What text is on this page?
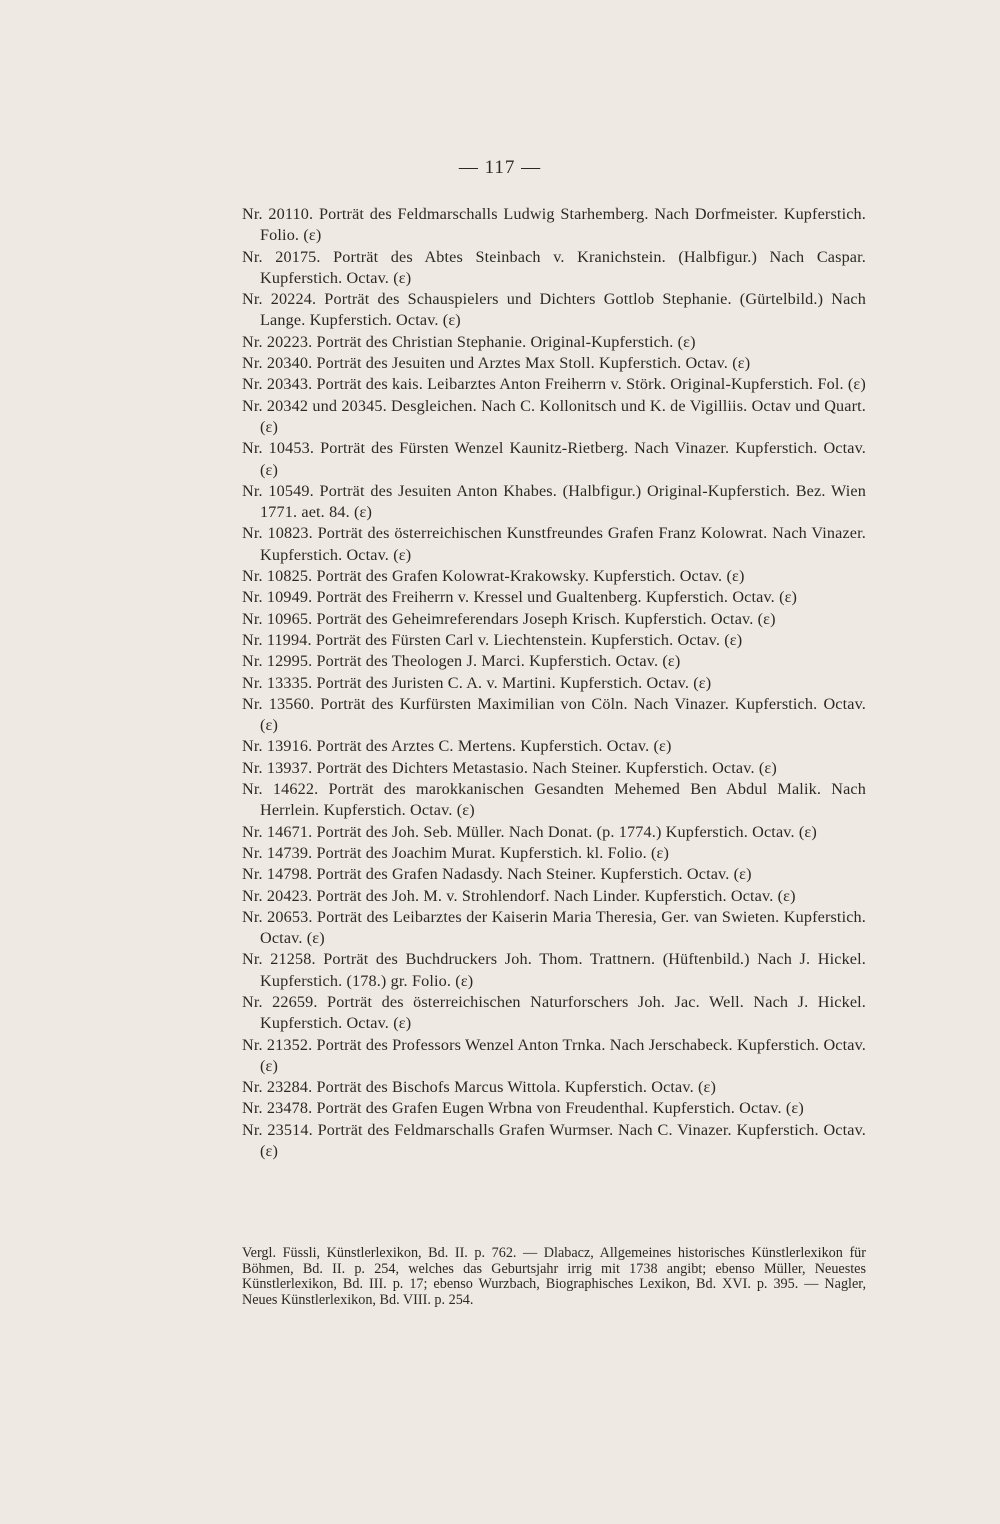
— 117 —
Nr. 20110. Porträt des Feldmarschalls Ludwig Starhemberg. Nach Dorfmeister. Kupferstich. Folio. (ε)
Nr. 20175. Porträt des Abtes Steinbach v. Kranichstein. (Halbfigur.) Nach Caspar. Kupferstich. Octav. (ε)
Nr. 20224. Porträt des Schauspielers und Dichters Gottlob Stephanie. (Gürtelbild.) Nach Lange. Kupferstich. Octav. (ε)
Nr. 20223. Porträt des Christian Stephanie. Original-Kupferstich. (ε)
Nr. 20340. Porträt des Jesuiten und Arztes Max Stoll. Kupferstich. Octav. (ε)
Nr. 20343. Porträt des kais. Leibarztes Anton Freiherrn v. Störk. Original-Kupferstich. Fol. (ε)
Nr. 20342 und 20345. Desgleichen. Nach C. Kollonitsch und K. de Vigilliis. Octav und Quart. (ε)
Nr. 10453. Porträt des Fürsten Wenzel Kaunitz-Rietberg. Nach Vinazer. Kupferstich. Octav. (ε)
Nr. 10549. Porträt des Jesuiten Anton Khabes. (Halbfigur.) Original-Kupferstich. Bez. Wien 1771. aet. 84. (ε)
Nr. 10823. Porträt des österreichischen Kunstfreundes Grafen Franz Kolowrat. Nach Vinazer. Kupferstich. Octav. (ε)
Nr. 10825. Porträt des Grafen Kolowrat-Krakowsky. Kupferstich. Octav. (ε)
Nr. 10949. Porträt des Freiherrn v. Kressel und Gualtenberg. Kupferstich. Octav. (ε)
Nr. 10965. Porträt des Geheimreferendars Joseph Krisch. Kupferstich. Octav. (ε)
Nr. 11994. Porträt des Fürsten Carl v. Liechtenstein. Kupferstich. Octav. (ε)
Nr. 12995. Porträt des Theologen J. Marci. Kupferstich. Octav. (ε)
Nr. 13335. Porträt des Juristen C. A. v. Martini. Kupferstich. Octav. (ε)
Nr. 13560. Porträt des Kurfürsten Maximilian von Cöln. Nach Vinazer. Kupferstich. Octav. (ε)
Nr. 13916. Porträt des Arztes C. Mertens. Kupferstich. Octav. (ε)
Nr. 13937. Porträt des Dichters Metastasio. Nach Steiner. Kupferstich. Octav. (ε)
Nr. 14622. Porträt des marokkanischen Gesandten Mehemed Ben Abdul Malik. Nach Herrlein. Kupferstich. Octav. (ε)
Nr. 14671. Porträt des Joh. Seb. Müller. Nach Donat. (p. 1774.) Kupferstich. Octav. (ε)
Nr. 14739. Porträt des Joachim Murat. Kupferstich. kl. Folio. (ε)
Nr. 14798. Porträt des Grafen Nadasdy. Nach Steiner. Kupferstich. Octav. (ε)
Nr. 20423. Porträt des Joh. M. v. Strohlendorf. Nach Linder. Kupferstich. Octav. (ε)
Nr. 20653. Porträt des Leibarztes der Kaiserin Maria Theresia, Ger. van Swieten. Kupferstich. Octav. (ε)
Nr. 21258. Porträt des Buchdruckers Joh. Thom. Trattnern. (Hüftenbild.) Nach J. Hickel. Kupferstich. (178.) gr. Folio. (ε)
Nr. 22659. Porträt des österreichischen Naturforschers Joh. Jac. Well. Nach J. Hickel. Kupferstich. Octav. (ε)
Nr. 21352. Porträt des Professors Wenzel Anton Trnka. Nach Jerschabeck. Kupferstich. Octav. (ε)
Nr. 23284. Porträt des Bischofs Marcus Wittola. Kupferstich. Octav. (ε)
Nr. 23478. Porträt des Grafen Eugen Wrbna von Freudenthal. Kupferstich. Octav. (ε)
Nr. 23514. Porträt des Feldmarschalls Grafen Wurmser. Nach C. Vinazer. Kupferstich. Octav. (ε)

Vergl. Füssli, Künstlerlexikon, Bd. II. p. 762. — Dlabacz, Allgemeines historisches Künstlerlexikon für Böhmen, Bd. II. p. 254, welches das Geburtsjahr irrig mit 1738 angibt; ebenso Müller, Neuestes Künstlerlexikon, Bd. III. p. 17; ebenso Wurzbach, Biographisches Lexikon, Bd. XVI. p. 395. — Nagler, Neues Künstlerlexikon, Bd. VIII. p. 254.
